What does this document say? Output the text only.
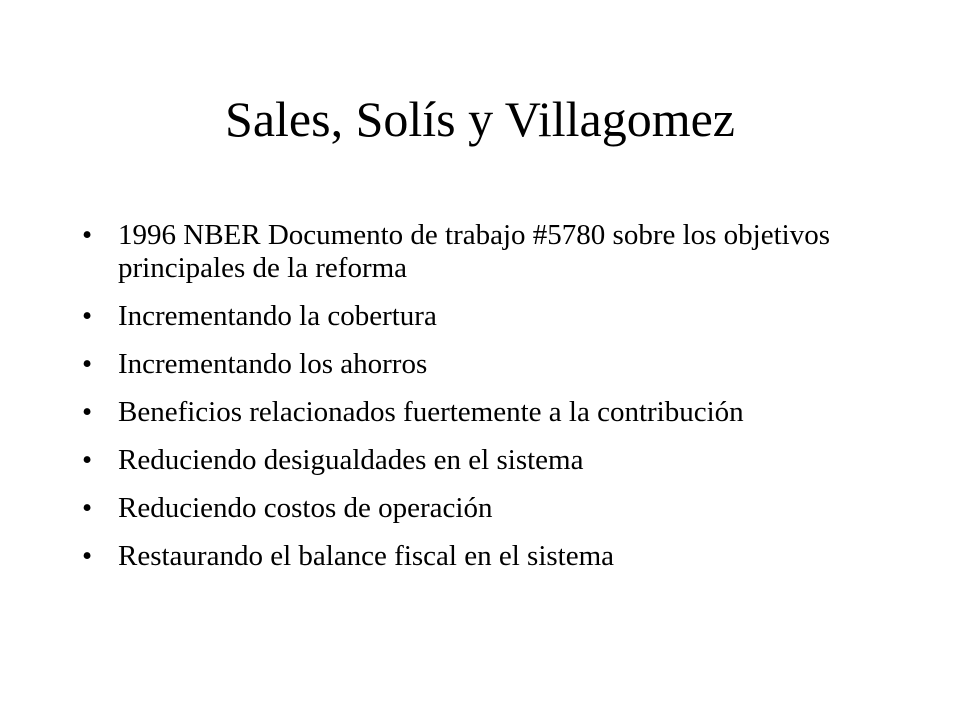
Sales, Solís y Villagomez
• 1996 NBER Documento de trabajo #5780 sobre los objetivos principales de la reforma
• Incrementando la cobertura
• Incrementando los ahorros
• Beneficios relacionados fuertemente a la contribución
• Reduciendo desigualdades en el sistema
• Reduciendo costos de operación
• Restaurando el balance fiscal en el sistema
